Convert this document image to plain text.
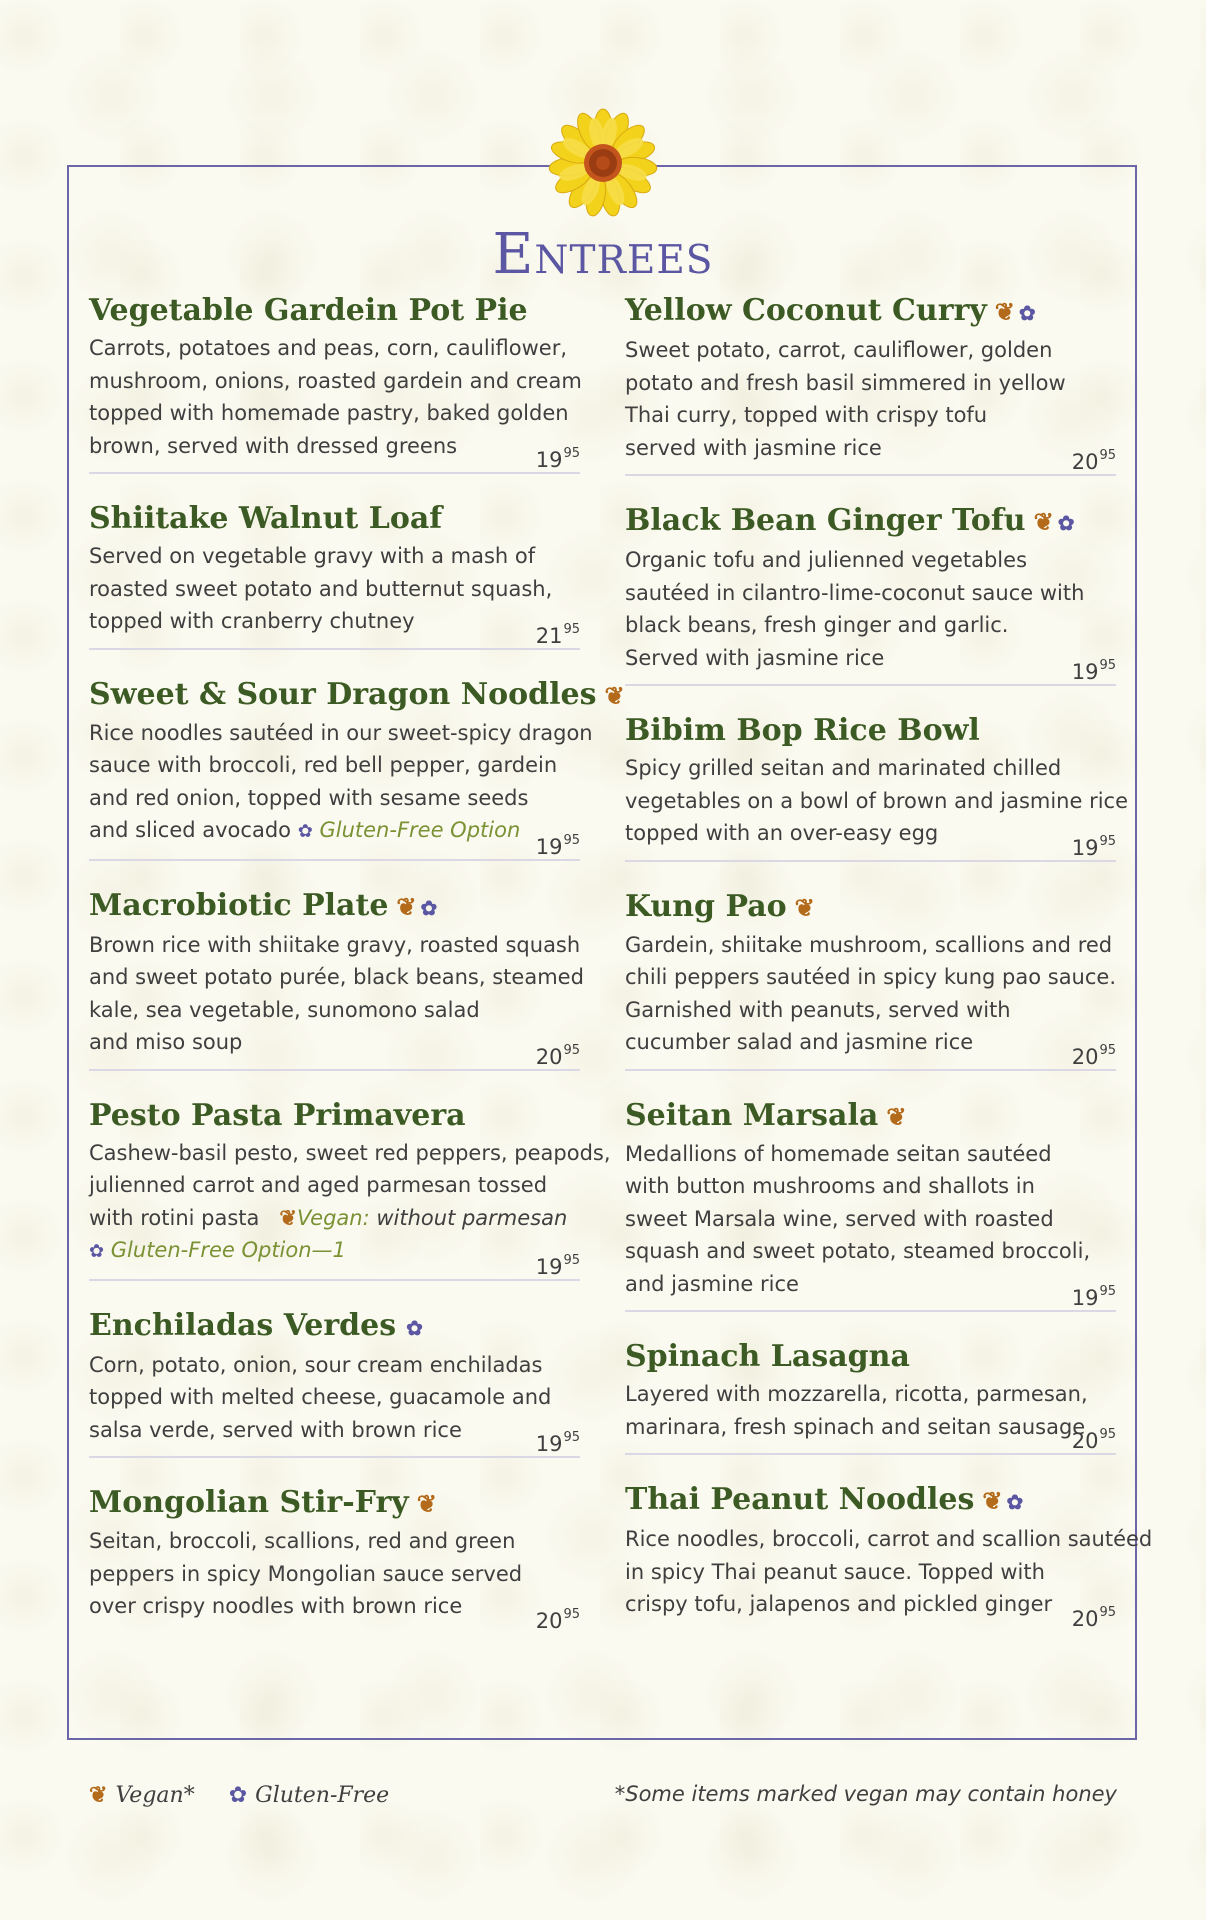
Entrees
Vegetable Gardein Pot Pie
Carrots, potatoes and peas, corn, cauliflower,
mushroom, onions, roasted gardein and cream
topped with homemade pastry, baked golden
brown, served with dressed greens
$19^{95}$
Shiitake Walnut Loaf
Served on vegetable gravy with a mash of
roasted sweet potato and butternut squash,
topped with cranberry chutney
$21^{95}$
Sweet & Sour Dragon Noodles ❦
Rice noodles sautéed in our sweet-spicy dragon
sauce with broccoli, red bell pepper, gardein
and red onion, topped with sesame seeds
and sliced avocado ✿ Gluten-Free Option
$19^{95}$
Macrobiotic Plate ❦ ✿
Brown rice with shiitake gravy, roasted squash
and sweet potato purée, black beans, steamed
kale, sea vegetable, sunomono salad
and miso soup
$20^{95}$
Pesto Pasta Primavera
Cashew-basil pesto, sweet red peppers, peapods,
julienned carrot and aged parmesan tossed
with rotini pasta ❦Vegan: without parmesan
✿ Gluten-Free Option—1
$19^{95}$
Enchiladas Verdes ✿
Corn, potato, onion, sour cream enchiladas
topped with melted cheese, guacamole and
salsa verde, served with brown rice
$19^{95}$
Mongolian Stir-Fry ❦
Seitan, broccoli, scallions, red and green
peppers in spicy Mongolian sauce served
over crispy noodles with brown rice
$20^{95}$
Yellow Coconut Curry ❦ ✿
Sweet potato, carrot, cauliflower, golden
potato and fresh basil simmered in yellow
Thai curry, topped with crispy tofu
served with jasmine rice
$20^{95}$
Black Bean Ginger Tofu ❦ ✿
Organic tofu and julienned vegetables
sautéed in cilantro-lime-coconut sauce with
black beans, fresh ginger and garlic.
Served with jasmine rice
$19^{95}$
Bibim Bop Rice Bowl
Spicy grilled seitan and marinated chilled
vegetables on a bowl of brown and jasmine rice
topped with an over-easy egg
$19^{95}$
Kung Pao ❦
Gardein, shiitake mushroom, scallions and red
chili peppers sautéed in spicy kung pao sauce.
Garnished with peanuts, served with
cucumber salad and jasmine rice
$20^{95}$
Seitan Marsala ❦
Medallions of homemade seitan sautéed
with button mushrooms and shallots in
sweet Marsala wine, served with roasted
squash and sweet potato, steamed broccoli,
and jasmine rice
$19^{95}$
Spinach Lasagna
Layered with mozzarella, ricotta, parmesan,
marinara, fresh spinach and seitan sausage
$20^{95}$
Thai Peanut Noodles ❦ ✿
Rice noodles, broccoli, carrot and scallion sautéed
in spicy Thai peanut sauce. Topped with
crispy tofu, jalapenos and pickled ginger
$20^{95}$
❦ Vegan* ✿ Gluten-Free	*Some items marked vegan may contain honey
